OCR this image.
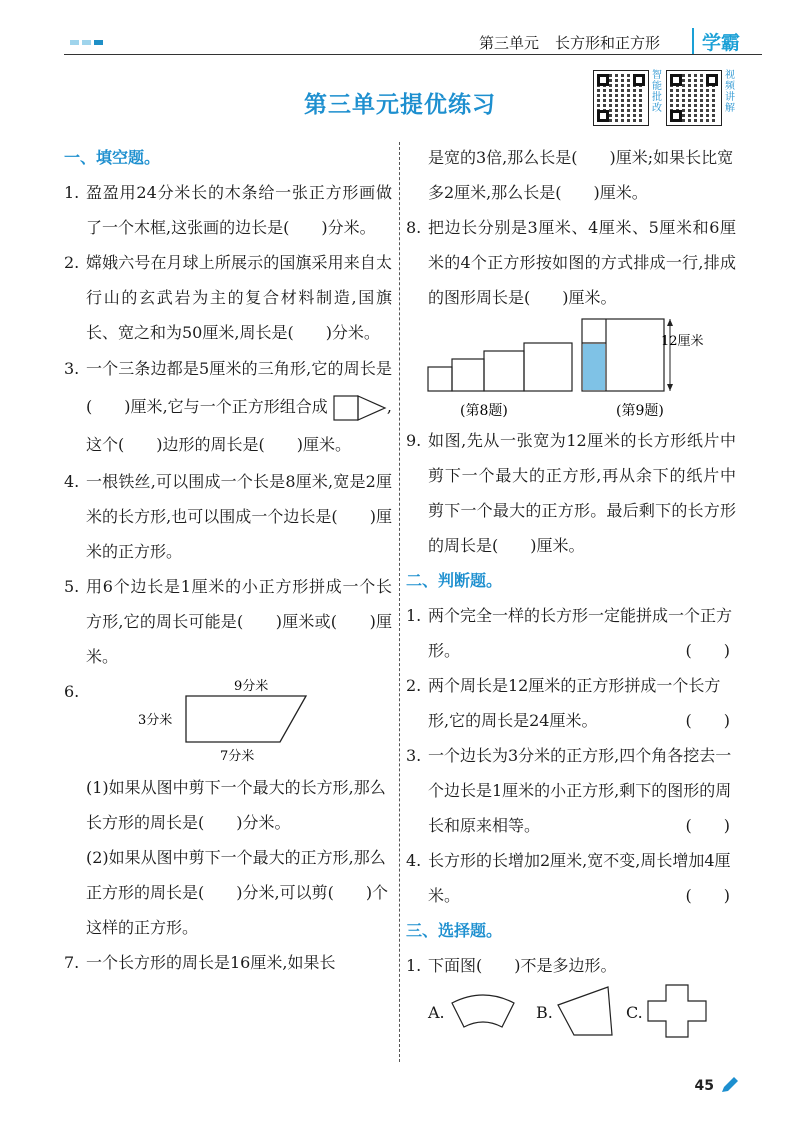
第三单元 长方形和正方形	学霸
第三单元提优练习
智能批改
视频讲解
一、填空题。
1. 盈盈用24分米长的木条给一张正方形画做了一个木框,这张画的边长是(　　)分米。
2. 嫦娥六号在月球上所展示的国旗采用来自太行山的玄武岩为主的复合材料制造,国旗长、宽之和为50厘米,周长是(　　)分米。
3. 一个三条边都是5厘米的三角形,它的周长是(　　)厘米,它与一个正方形组合成	,这个(　　)边形的周长是(　　)厘米。
4. 一根铁丝,可以围成一个长是8厘米,宽是2厘米的长方形,也可以围成一个边长是(　　)厘米的正方形。
5. 用6个边长是1厘米的小正方形拼成一个长方形,它的周长可能是(　　)厘米或(　　)厘米。
6.	9分米
3分米
7分米
(1)如果从图中剪下一个最大的长方形,那么长方形的周长是(　　)分米。
(2)如果从图中剪下一个最大的正方形,那么正方形的周长是(　　)分米,可以剪(　　)个这样的正方形。
7. 一个长方形的周长是16厘米,如果长
是宽的3倍,那么长是(　　)厘米;如果长比宽多2厘米,那么长是(　　)厘米。
8. 把边长分别是3厘米、4厘米、5厘米和6厘米的4个正方形按如图的方式排成一行,排成的图形周长是(　　)厘米。
(第8题)
12厘米
(第9题)
9. 如图,先从一张宽为12厘米的长方形纸片中剪下一个最大的正方形,再从余下的纸片中剪下一个最大的正方形。最后剩下的长方形的周长是(　　)厘米。
二、判断题。
1. 两个完全一样的长方形一定能拼成一个正方形。	(　　)
2. 两个周长是12厘米的正方形拼成一个长方形,它的周长是24厘米。	(　　)
3. 一个边长为3分米的正方形,四个角各挖去一个边长是1厘米的小正方形,剩下的图形的周长和原来相等。	(　　)
4. 长方形的长增加2厘米,宽不变,周长增加4厘米。	(　　)
三、选择题。
1. 下面图(　　)不是多边形。
A.	B.	C.
45
